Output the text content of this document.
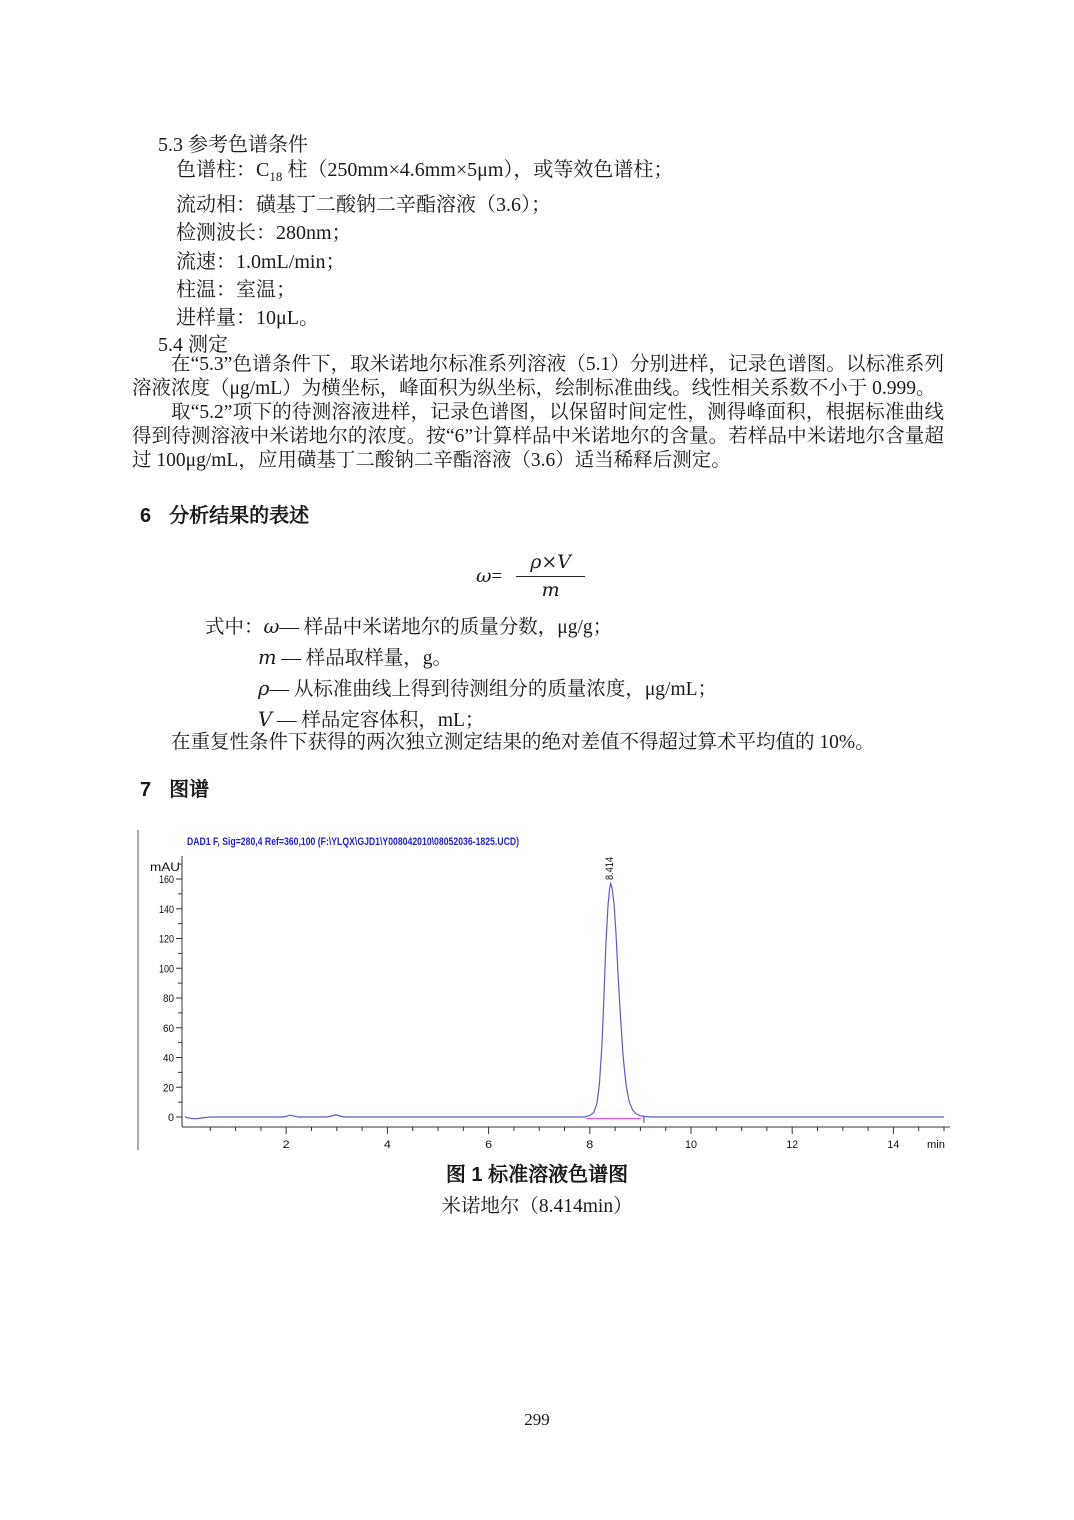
5.3 参考色谱条件
色谱柱：$C_{18}$ 柱（250mm×4.6mm×5μm），或等效色谱柱；
流动相：磺基丁二酸钠二辛酯溶液（3.6）；
检测波长：280nm；
流速：1.0mL/min；
柱温：室温；
进样量：10μL。
5.4 测定

在“5.3”色谱条件下，取米诺地尔标准系列溶液（5.1）分别进样，记录色谱图。以标准系列溶液浓度（μg/mL）为横坐标，峰面积为纵坐标，绘制标准曲线。线性相关系数不小于 0.999。

取“5.2”项下的待测溶液进样，记录色谱图，以保留时间定性，测得峰面积，根据标准曲线得到待测溶液中米诺地尔的浓度。按“6”计算样品中米诺地尔的含量。若样品中米诺地尔含量超过 100μg/mL，应用磺基丁二酸钠二辛酯溶液（3.6）适当稀释后测定。

6 分析结果的表述
$\omega= \frac{\rho\times V}{m}$
式中：ω— 样品中米诺地尔的质量分数，μg/g；
m — 样品取样量，g。
ρ— 从标准曲线上得到待测组分的质量浓度，μg/mL；
V — 样品定容体积，mL；
在重复性条件下获得的两次独立测定结果的绝对差值不得超过算术平均值的 10%。
7 图谱
DAD1 F, Sig=280,4 Ref=360,100 (F:\YLQX\GJD1\Y008042010\08052036-1825.UCD)
mAU
0
20
40
60
80
100
120
140
160
2	4	6	8	10	12	14	min
8.414
图 1 标准溶液色谱图
米诺地尔（8.414min）
299
